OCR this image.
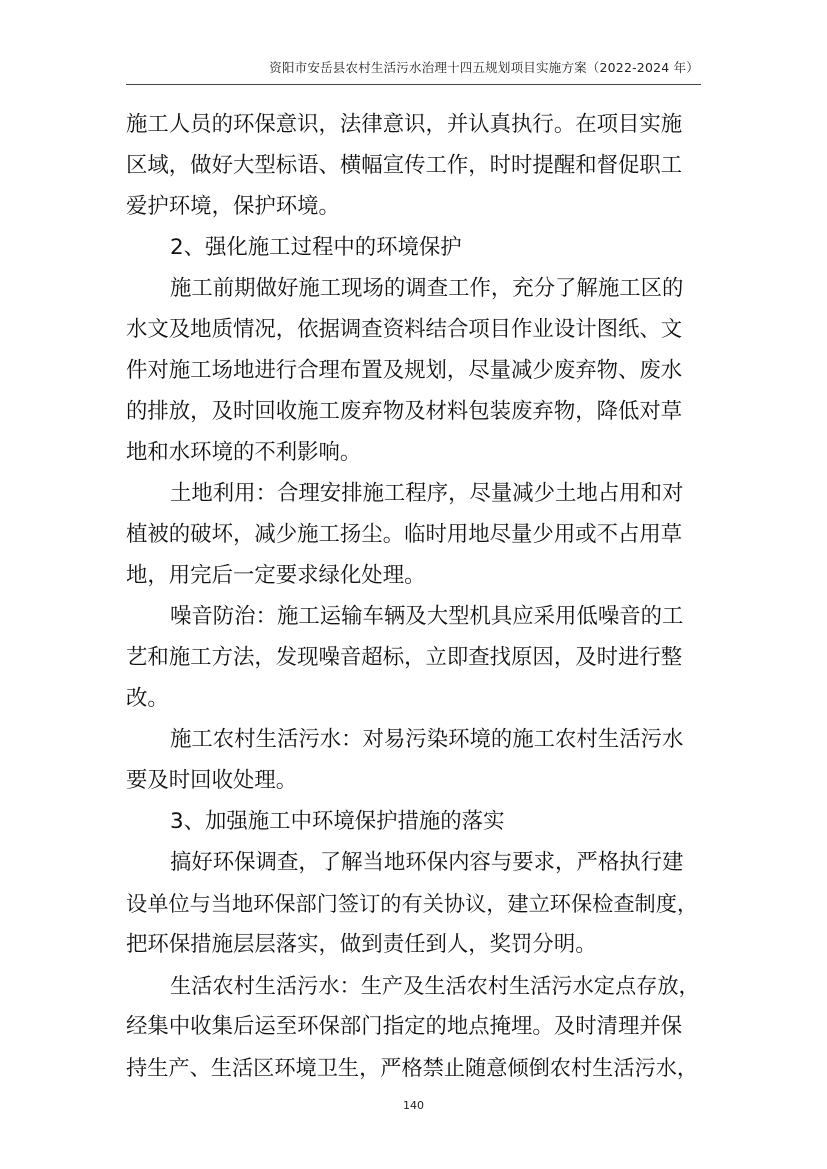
资阳市安岳县农村生活污水治理十四五规划项目实施方案（2022-2024 年）
施工人员的环保意识，法律意识，并认真执行。在项目实施
区域，做好大型标语、横幅宣传工作，时时提醒和督促职工
爱护环境，保护环境。
2、强化施工过程中的环境保护
施工前期做好施工现场的调查工作，充分了解施工区的
水文及地质情况，依据调查资料结合项目作业设计图纸、文
件对施工场地进行合理布置及规划，尽量减少废弃物、废水
的排放，及时回收施工废弃物及材料包装废弃物，降低对草
地和水环境的不利影响。
土地利用：合理安排施工程序，尽量减少土地占用和对
植被的破坏，减少施工扬尘。临时用地尽量少用或不占用草
地，用完后一定要求绿化处理。
噪音防治：施工运输车辆及大型机具应采用低噪音的工
艺和施工方法，发现噪音超标，立即查找原因，及时进行整
改。
施工农村生活污水：对易污染环境的施工农村生活污水
要及时回收处理。
3、加强施工中环境保护措施的落实
搞好环保调查，了解当地环保内容与要求，严格执行建
设单位与当地环保部门签订的有关协议，建立环保检查制度，
把环保措施层层落实，做到责任到人，奖罚分明。
生活农村生活污水：生产及生活农村生活污水定点存放，
经集中收集后运至环保部门指定的地点掩埋。及时清理并保
持生产、生活区环境卫生，严格禁止随意倾倒农村生活污水，
140
